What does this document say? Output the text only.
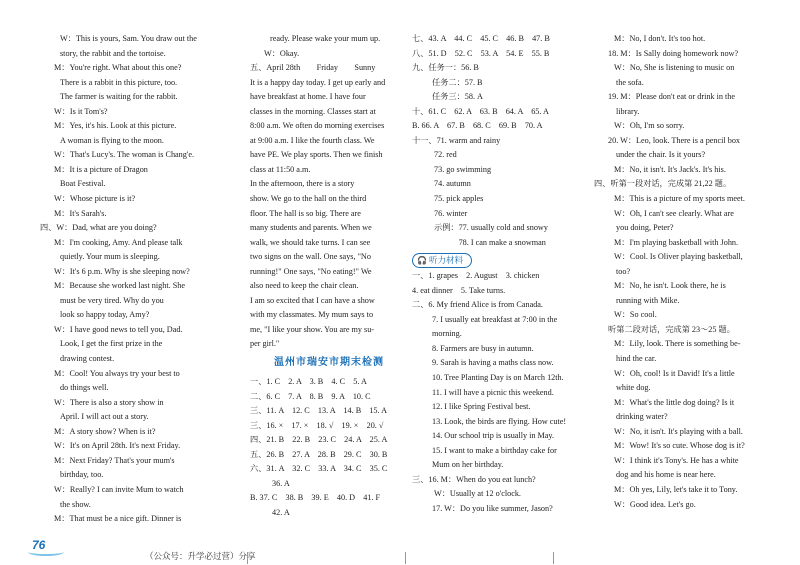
W：This is yours, Sam. You draw out the
story, the rabbit and the tortoise.
M：You're right. What about this one?
There is a rabbit in this picture, too.
The farmer is waiting for the rabbit.
W：Is it Tom's?
M：Yes, it's his. Look at this picture.
A woman is flying to the moon.
W：That's Lucy's. The woman is Chang'e.
M：It is a picture of Dragon
Boat Festival.
W：Whose picture is it?
M：It's Sarah's.
四、W：Dad, what are you doing?
M：I'm cooking, Amy. And please talk
quietly. Your mum is sleeping.
W：It's 6 p.m. Why is she sleeping now?
M：Because she worked last night. She
must be very tired. Why do you
look so happy today, Amy?
W：I have good news to tell you, Dad.
Look, I get the first prize in the
drawing contest.
M：Cool! You always try your best to
do things well.
W：There is also a story show in
April. I will act out a story.
M：A story show? When is it?
W：It's on April 28th. It's next Friday.
M：Next Friday? That's your mum's
birthday, too.
W：Really? I can invite Mum to watch
the show.
M：That must be a nice gift. Dinner is
ready. Please wake your mum up.
W：Okay.
五、April 28th　　Friday　　Sunny
It is a happy day today. I get up early and
have breakfast at home. I have four
classes in the morning. Classes start at
8:00 a.m. We often do morning exercises
at 9:00 a.m. I like the fourth class. We
have PE. We play sports. Then we finish
class at 11:50 a.m.
In the afternoon, there is a story
show. We go to the hall on the third
floor. The hall is so big. There are
many students and parents. When we
walk, we should take turns. I can see
two signs on the wall. One says, "No
running!" One says, "No eating!" We
also need to keep the chair clean.
I am so excited that I can have a show
with my classmates. My mum says to
me, "I like your show. You are my su-
per girl."
温州市瑞安市期末检测
一、1. C　2. A　3. B　4. C　5. A
二、6. C　7. A　8. B　9. A　10. C
三、11. A　12. C　13. A　14. B　15. A
三、16. ×　17. ×　18. √　19. ×　20. √
四、21. B　22. B　23. C　24. A　25. A
五、26. B　27. A　28. B　29. C　30. B
六、31. A　32. C　33. A　34. C　35. C
36. A
B. 37. C　38. B　39. E　40. D　41. F
42. A
七、43. A　44. C　45. C　46. B　47. B
八、51. D　52. C　53. A　54. E　55. B
九、任务一：56. B
任务二：57. B
任务三：58. A
十、61. C　62. A　63. B　64. A　65. A
B. 66. A　67. B　68. C　69. B　70. A
十一、71. warm and rainy
72. red
73. go swimming
74. autumn
75. pick apples
76. winter
示例：77. usually cold and snowy
　　　78. I can make a snowman
🎧 听力材料
一、1. grapes　2. August　3. chicken
4. eat dinner　5. Take turns.
二、6. My friend Alice is from Canada.
7. I usually eat breakfast at 7:00 in the
morning.
8. Farmers are busy in autumn.
9. Sarah is having a maths class now.
10. Tree Planting Day is on March 12th.
11. I will have a picnic this weekend.
12. I like Spring Festival best.
13. Look, the birds are flying. How cute!
14. Our school trip is usually in May.
15. I want to make a birthday cake for
Mum on her birthday.
三、16. M：When do you eat lunch?
W：Usually at 12 o'clock.
17. W：Do you like summer, Jason?
M：No, I don't. It's too hot.
18. M：Is Sally doing homework now?
W：No, She is listening to music on
the sofa.
19. M：Please don't eat or drink in the
library.
W：Oh, I'm so sorry.
20. W：Leo, look. There is a pencil box
under the chair. Is it yours?
M：No, it isn't. It's Jack's. It's his.
四、听第一段对话，完成第 21,22 题。
M：This is a picture of my sports meet.
W：Oh, I can't see clearly. What are
you doing, Peter?
M：I'm playing basketball with John.
W：Cool. Is Oliver playing basketball,
too?
M：No, he isn't. Look there, he is
running with Mike.
W：So cool.
听第二段对话，完成第 23～25 题。
M：Lily, look. There is something be-
hind the car.
W：Oh, cool! Is it David! It's a little
white dog.
M：What's the little dog doing? Is it
drinking water?
W：No, it isn't. It's playing with a ball.
M：Wow! It's so cute. Whose dog is it?
W：I think it's Tony's. He has a white
dog and his home is near here.
M：Oh yes, Lily, let's take it to Tony.
W：Good idea. Let's go.
76
（公众号：升学必过营）分享
